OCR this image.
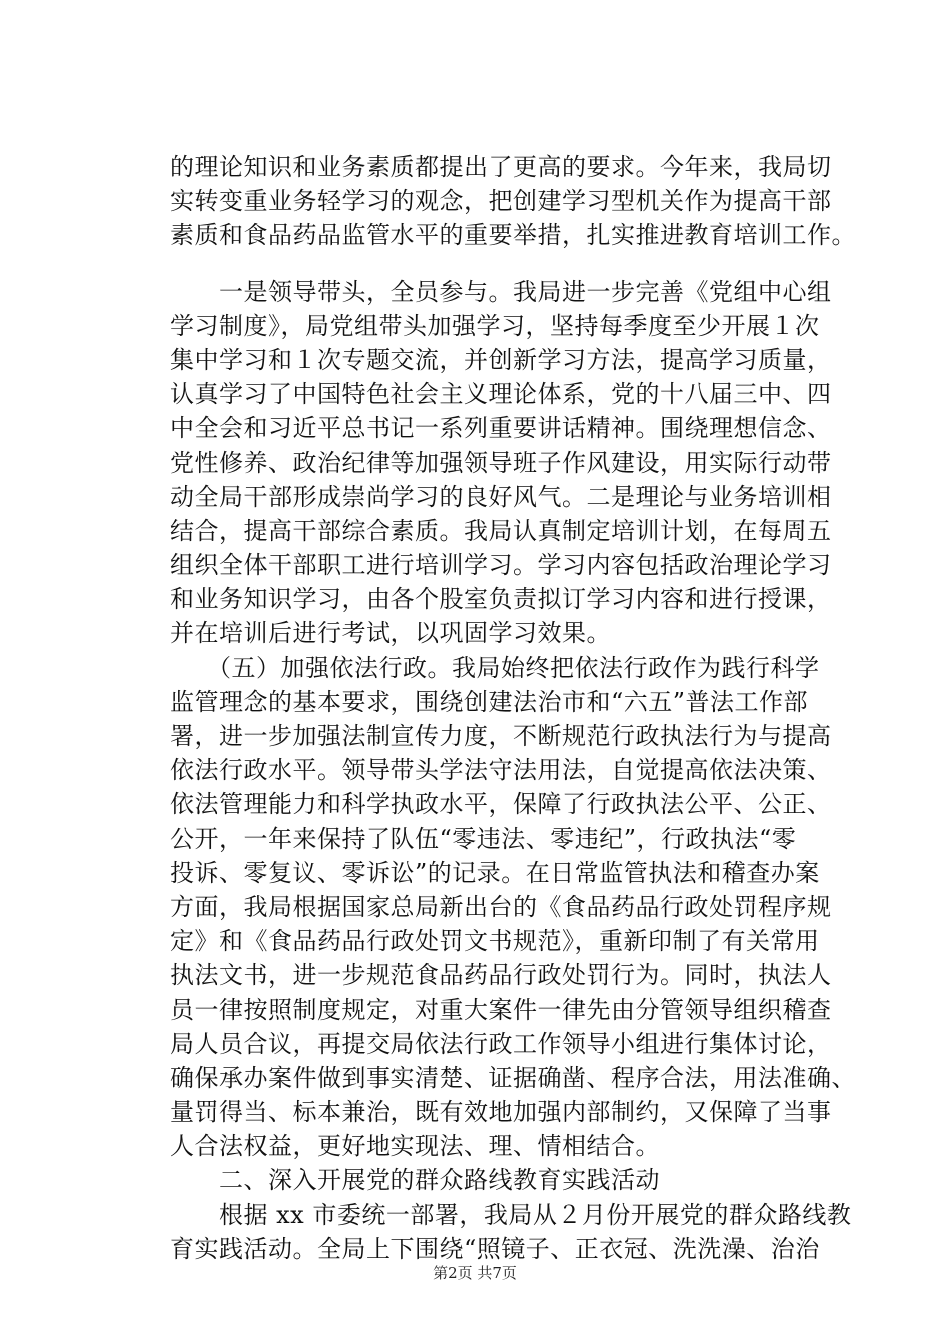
的理论知识和业务素质都提出了更高的要求。今年来，我局切
实转变重业务轻学习的观念，把创建学习型机关作为提高干部
素质和食品药品监管水平的重要举措，扎实推进教育培训工作。
　　一是领导带头，全员参与。我局进一步完善《党组中心组
学习制度》，局党组带头加强学习，坚持每季度至少开展１次
集中学习和１次专题交流，并创新学习方法，提高学习质量，
认真学习了中国特色社会主义理论体系，党的十八届三中、四
中全会和习近平总书记一系列重要讲话精神。围绕理想信念、
党性修养、政治纪律等加强领导班子作风建设，用实际行动带
动全局干部形成崇尚学习的良好风气。二是理论与业务培训相
结合，提高干部综合素质。我局认真制定培训计划，在每周五
组织全体干部职工进行培训学习。学习内容包括政治理论学习
和业务知识学习，由各个股室负责拟订学习内容和进行授课，
并在培训后进行考试，以巩固学习效果。
　　（五）加强依法行政。我局始终把依法行政作为践行科学
监管理念的基本要求，围绕创建法治市和“六五”普法工作部
署，进一步加强法制宣传力度，不断规范行政执法行为与提高
依法行政水平。领导带头学法守法用法，自觉提高依法决策、
依法管理能力和科学执政水平，保障了行政执法公平、公正、
公开，一年来保持了队伍“零违法、零违纪”，行政执法“零
投诉、零复议、零诉讼”的记录。在日常监管执法和稽查办案
方面，我局根据国家总局新出台的《食品药品行政处罚程序规
定》和《食品药品行政处罚文书规范》，重新印制了有关常用
执法文书，进一步规范食品药品行政处罚行为。同时，执法人
员一律按照制度规定，对重大案件一律先由分管领导组织稽查
局人员合议，再提交局依法行政工作领导小组进行集体讨论，
确保承办案件做到事实清楚、证据确凿、程序合法，用法准确、
量罚得当、标本兼治，既有效地加强内部制约，又保障了当事
人合法权益，更好地实现法、理、情相结合。
　　二、深入开展党的群众路线教育实践活动
　　根据 xx 市委统一部署，我局从２月份开展党的群众路线教
育实践活动。全局上下围绕“照镜子、正衣冠、洗洗澡、治治
第2页 共7页
